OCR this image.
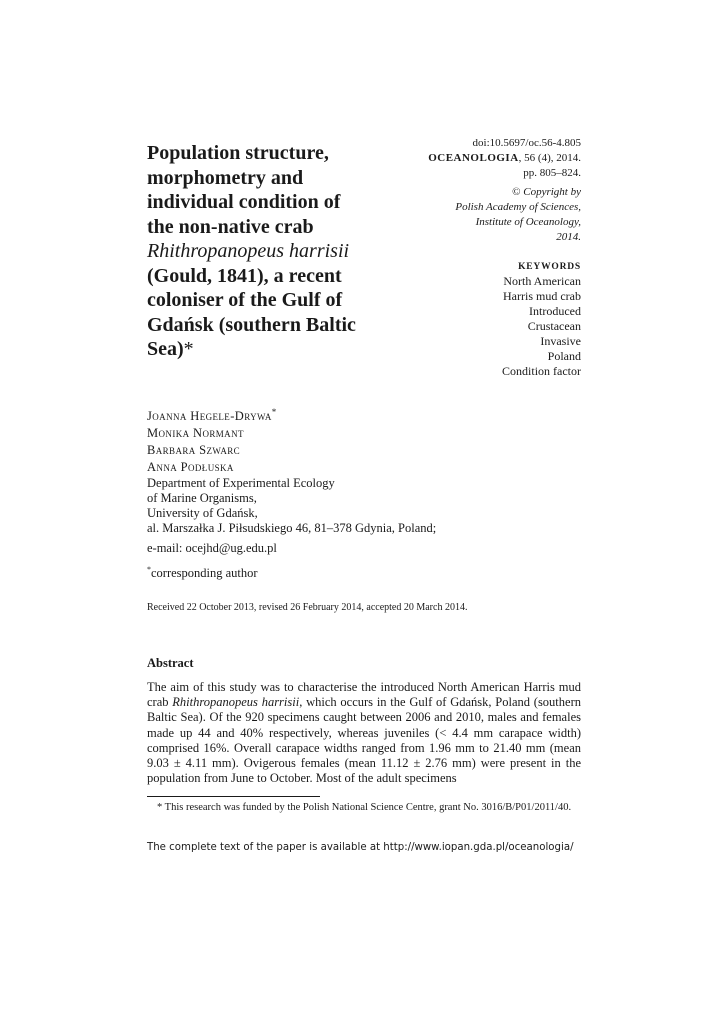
Population structure,
morphometry and
individual condition of
the non-native crab
Rhithropanopeus harrisii
(Gould, 1841), a recent
coloniser of the Gulf of
Gdańsk (southern Baltic
Sea)*
doi:10.5697/oc.56-4.805
OCEANOLOGIA, 56 (4), 2014.
pp. 805–824.
© Copyright by
Polish Academy of Sciences,
Institute of Oceanology,
2014.
KEYWORDS
North American
Harris mud crab
Introduced
Crustacean
Invasive
Poland
Condition factor
Joanna Hegele-Drywa*
Monika Normant
Barbara Szwarc
Anna Podłuska
Department of Experimental Ecology
of Marine Organisms,
University of Gdańsk,
al. Marszałka J. Piłsudskiego 46, 81–378 Gdynia, Poland;
e-mail: ocejhd@ug.edu.pl
*corresponding author
Received 22 October 2013, revised 26 February 2014, accepted 20 March 2014.
Abstract
The aim of this study was to characterise the introduced North American Harris mud crab Rhithropanopeus harrisii, which occurs in the Gulf of Gdańsk, Poland (southern Baltic Sea). Of the 920 specimens caught between 2006 and 2010, males and females made up 44 and 40% respectively, whereas juveniles (< 4.4 mm carapace width) comprised 16%. Overall carapace widths ranged from 1.96 mm to 21.40 mm (mean 9.03 ± 4.11 mm). Ovigerous females (mean 11.12 ± 2.76 mm) were present in the population from June to October. Most of the adult specimens
* This research was funded by the Polish National Science Centre, grant No. 3016/B/P01/2011/40.
The complete text of the paper is available at http://www.iopan.gda.pl/oceanologia/
